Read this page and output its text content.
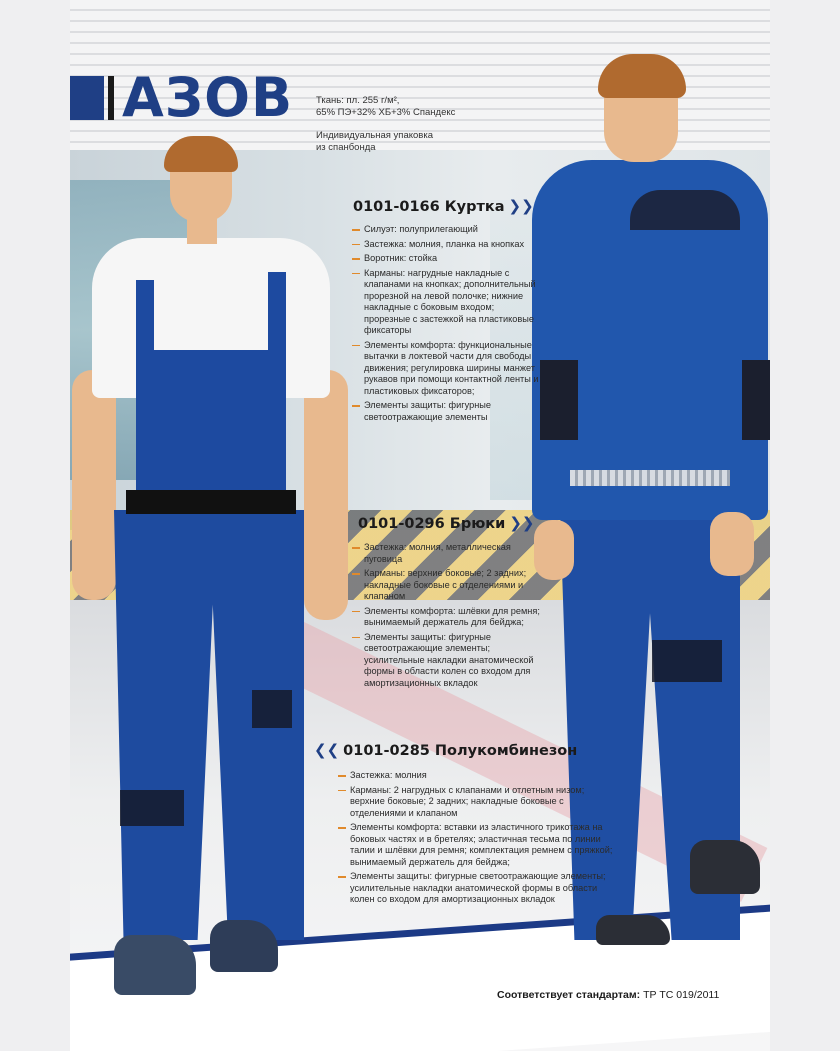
АЗОВ Ткань: пл. 255 г/м²,
65% ПЭ+32% ХБ+3% Спандекс
Индивидуальная упаковка
из спанбонда
0101-0166 Куртка ❯❯
Силуэт: полуприлегающий
Застежка: молния, планка на кнопках
Воротник: стойка
Карманы: нагрудные накладные с клапанами на кнопках; дополнительный прорезной на левой полочке; нижние накладные с боковым входом; прорезные с застежкой на пластиковые фиксаторы
Элементы комфорта: функциональные вытачки в локтевой части для свободы движения; регулировка ширины манжет рукавов при помощи контактной ленты и пластиковых фиксаторов;
Элементы защиты: фигурные светоотражающие элементы
0101-0296 Брюки ❯❯
Застежка: молния, металлическая пуговица
Карманы: верхние боковые; 2 задних; накладные боковые с отделениями и клапаном
Элементы комфорта: шлёвки для ремня; вынимаемый держатель для бейджа;
Элементы защиты: фигурные светоотражающие элементы; усилительные накладки анатомической формы в области колен со входом для амортизационных вкладок
❮❮ 0101-0285 Полукомбинезон
Застежка: молния
Карманы: 2 нагрудных с клапанами и отлетным низом; верхние боковые; 2 задних; накладные боковые с отделениями и клапаном
Элементы комфорта: вставки из эластичного трикотажа на боковых частях и в бретелях; эластичная тесьма по линии талии и шлёвки для ремня; комплектация ремнем с пряжкой; вынимаемый держатель для бейджа;
Элементы защиты: фигурные светоотражающие элементы; усилительные накладки анатомической формы в области колен со входом для амортизационных вкладок
Соответствует стандартам: ТР ТС 019/2011
